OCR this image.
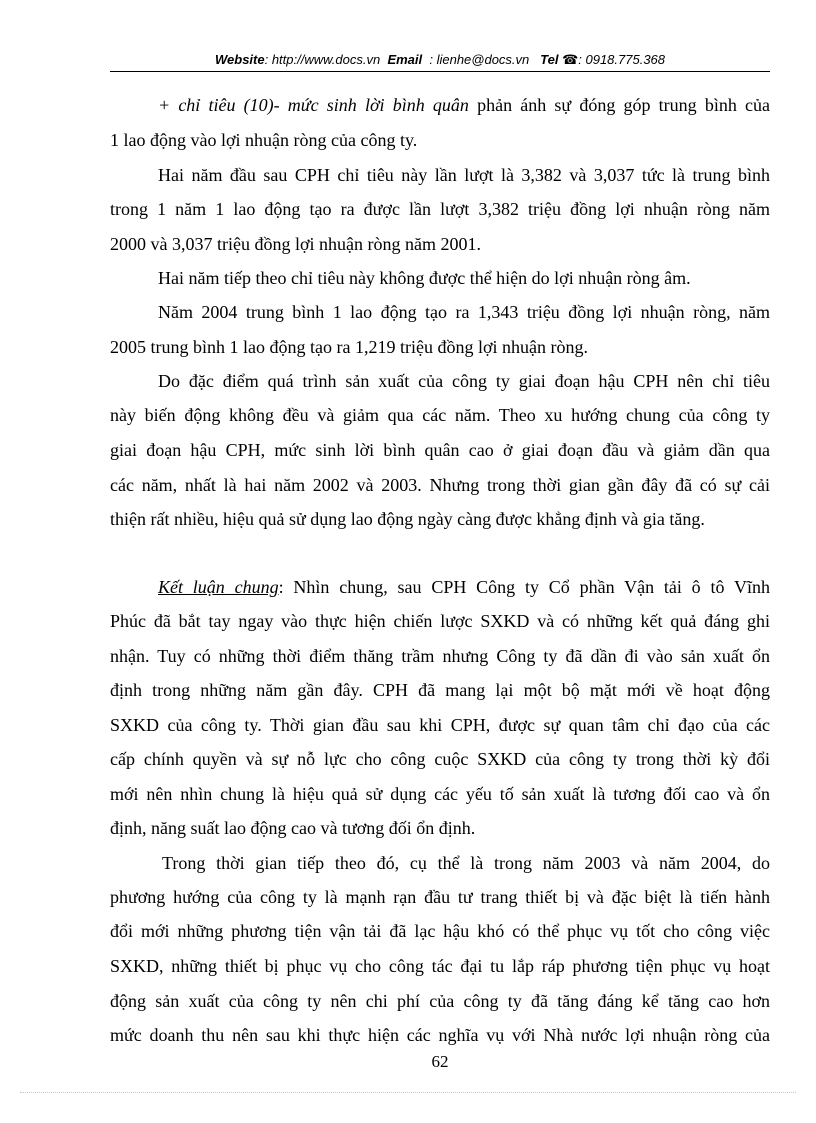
Website: http://www.docs.vn Email : lienhe@docs.vn Tel ☎: 0918.775.368
+ chỉ tiêu (10)- mức sinh lời bình quân phản ánh sự đóng góp trung bình của
1 lao động vào lợi nhuận ròng của công ty.
Hai năm đầu sau CPH chỉ tiêu này lần lượt là 3,382 và 3,037 tức là trung bình
trong 1 năm 1 lao động tạo ra được lần lượt 3,382 triệu đồng lợi nhuận ròng năm
2000 và 3,037 triệu đồng lợi nhuận ròng năm 2001.
Hai năm tiếp theo chỉ tiêu này không được thể hiện do lợi nhuận ròng âm.
Năm 2004 trung bình 1 lao động tạo ra 1,343 triệu đồng lợi nhuận ròng, năm
2005 trung bình 1 lao động tạo ra 1,219 triệu đồng lợi nhuận ròng.
Do đặc điểm quá trình sản xuất của công ty giai đoạn hậu CPH nên chỉ tiêu
này biến động không đều và giảm qua các năm. Theo xu hướng chung của công ty
giai đoạn hậu CPH, mức sinh lời bình quân cao ở giai đoạn đầu và giảm dần qua
các năm, nhất là hai năm 2002 và 2003. Nhưng trong thời gian gần đây đã có sự cải
thiện rất nhiều, hiệu quả sử dụng lao động ngày càng được khẳng định và gia tăng.
Kết luận chung: Nhìn chung, sau CPH Công ty Cổ phần Vận tải ô tô Vĩnh
Phúc đã bắt tay ngay vào thực hiện chiến lược SXKD và có những kết quả đáng ghi
nhận. Tuy có những thời điểm thăng trầm nhưng Công ty đã dần đi vào sản xuất ổn
định trong những năm gần đây. CPH đã mang lại một bộ mặt mới về hoạt động
SXKD của công ty. Thời gian đầu sau khi CPH, được sự quan tâm chỉ đạo của các
cấp chính quyền và sự nỗ lực cho công cuộc SXKD của công ty trong thời kỳ đổi
mới nên nhìn chung là hiệu quả sử dụng các yếu tố sản xuất là tương đối cao và ổn
định, năng suất lao động cao và tương đối ổn định.
Trong thời gian tiếp theo đó, cụ thể là trong năm 2003 và năm 2004, do
phương hướng của công ty là mạnh rạn đầu tư trang thiết bị và đặc biệt là tiến hành
đổi mới những phương tiện vận tải đã lạc hậu khó có thể phục vụ tốt cho công việc
SXKD, những thiết bị phục vụ cho công tác đại tu lắp ráp phương tiện phục vụ hoạt
động sản xuất của công ty nên chi phí của công ty đã tăng đáng kể tăng cao hơn
mức doanh thu nên sau khi thực hiện các nghĩa vụ với Nhà nước lợi nhuận ròng của
62
